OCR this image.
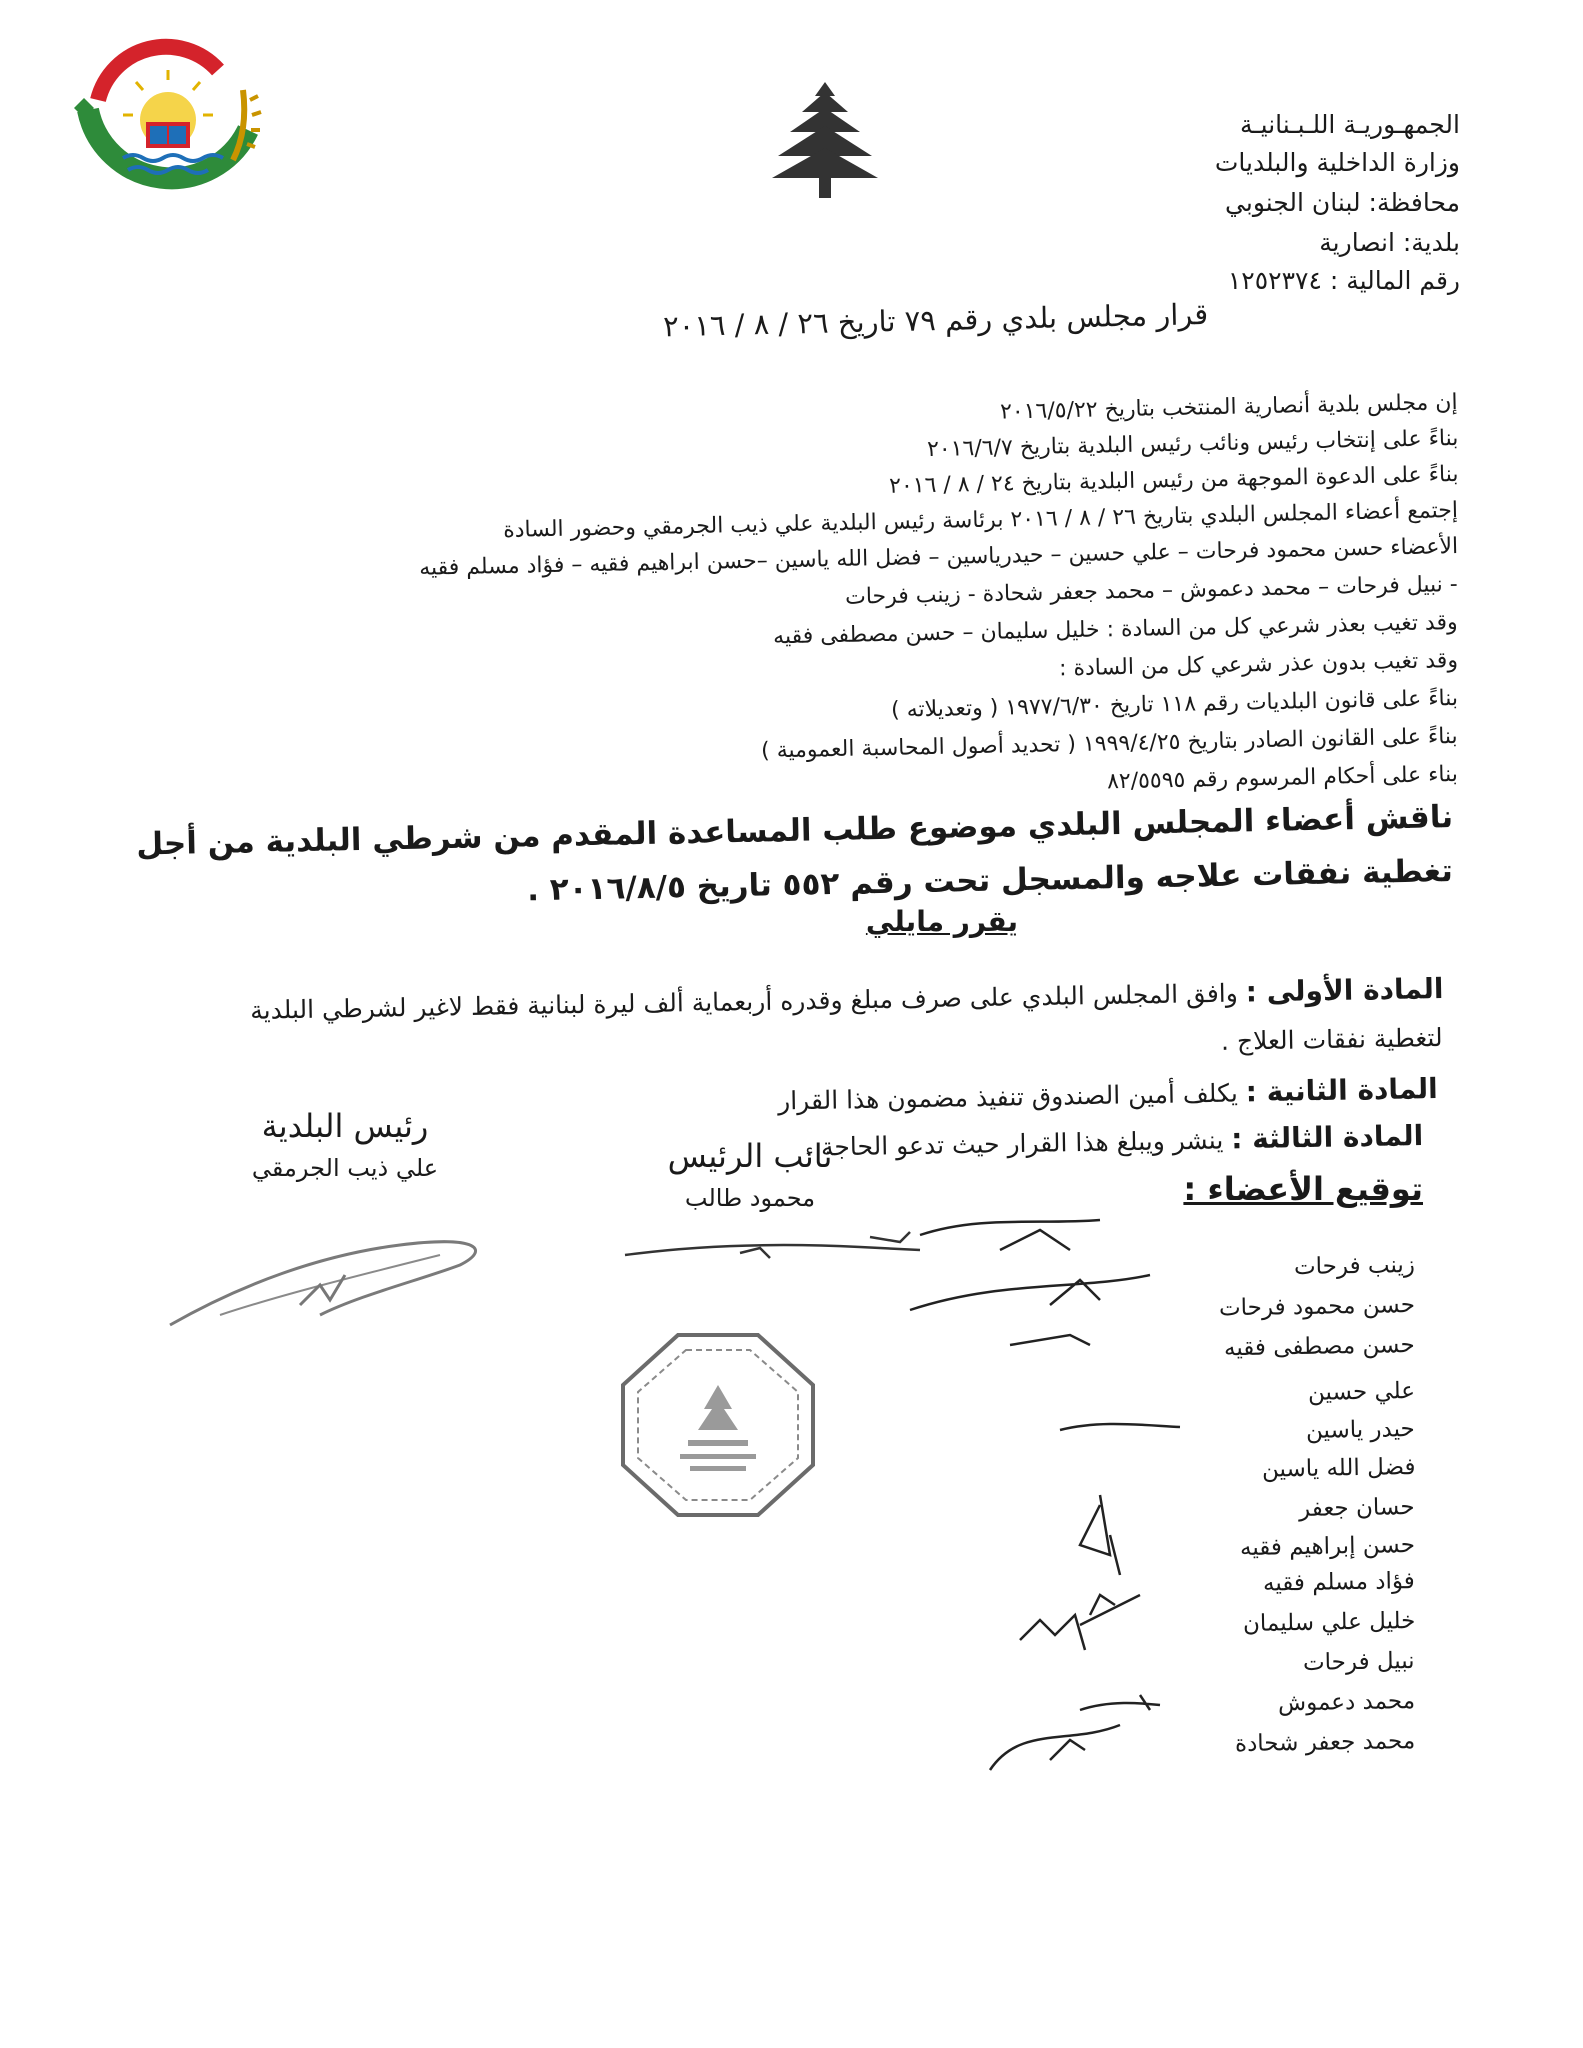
بلدية أنصارية
الجمهـوريـة اللـبـنانيـة
وزارة الداخلية والبلديات
محافظة: لبنان الجنوبي
بلدية: انصارية
رقم المالية : ١٢٥٢٣٧٤
قرار مجلس بلدي رقم ٧٩ تاريخ ٢٦ / ٨ / ٢٠١٦
إن مجلس بلدية أنصارية المنتخب بتاريخ ٢٠١٦/٥/٢٢
بناءً على إنتخاب رئيس ونائب رئيس البلدية بتاريخ ٢٠١٦/٦/٧
بناءً على الدعوة الموجهة من رئيس البلدية بتاريخ ٢٤ / ٨ / ٢٠١٦
إجتمع أعضاء المجلس البلدي بتاريخ ٢٦ / ٨ / ٢٠١٦ برئاسة رئيس البلدية علي ذيب الجرمقي وحضور السادة
الأعضاء حسن محمود فرحات – علي حسين – حيدرياسين – فضل الله ياسين –حسن ابراهيم فقيه – فؤاد مسلم فقيه
- نبيل فرحات – محمد دعموش – محمد جعفر شحادة - زينب فرحات
وقد تغيب بعذر شرعي كل من السادة : خليل سليمان – حسن مصطفى فقيه
وقد تغيب بدون عذر شرعي كل من السادة :
بناءً على قانون البلديات رقم ١١٨ تاريخ ١٩٧٧/٦/٣٠ ( وتعديلاته )
بناءً على القانون الصادر بتاريخ ١٩٩٩/٤/٢٥ ( تحديد أصول المحاسبة العمومية )
بناء على أحكام المرسوم رقم ٨٢/٥٥٩٥
ناقش أعضاء المجلس البلدي موضوع طلب المساعدة المقدم من شرطي البلدية من أجل
تغطية نفقات علاجه والمسجل تحت رقم ٥٥٢ تاريخ ٢٠١٦/٨/٥ .
يقرر مايلي
المادة الأولى : وافق المجلس البلدي على صرف مبلغ وقدره أربعماية ألف ليرة لبنانية فقط لاغير لشرطي البلدية
لتغطية نفقات العلاج .
المادة الثانية : يكلف أمين الصندوق تنفيذ مضمون هذا القرار
المادة الثالثة : ينشر ويبلغ هذا القرار حيث تدعو الحاجة .
رئيس البلدية
علي ذيب الجرمقي	نائب الرئيس
محمود طالب	توقيع الأعضاء :
زينب فرحات
حسن محمود فرحات
حسن مصطفى فقيه
علي حسين
حيدر ياسين
فضل الله ياسين
حسان جعفر
حسن إبراهيم فقيه
فؤاد مسلم فقيه
خليل علي سليمان
نبيل فرحات
محمد دعموش
محمد جعفر شحادة
